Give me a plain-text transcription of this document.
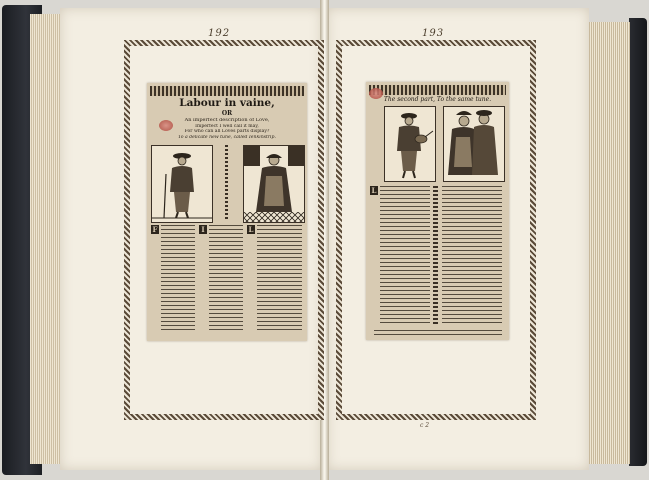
192	193
Labour in vaine,
OR
An imperfect description of Love,
Imperfect I well call it may,
For who can all Loves parts display?
To a delicate new tune, called Ienkinstrip.
F	I	L
The second part, To the same tune.
L
c 2
